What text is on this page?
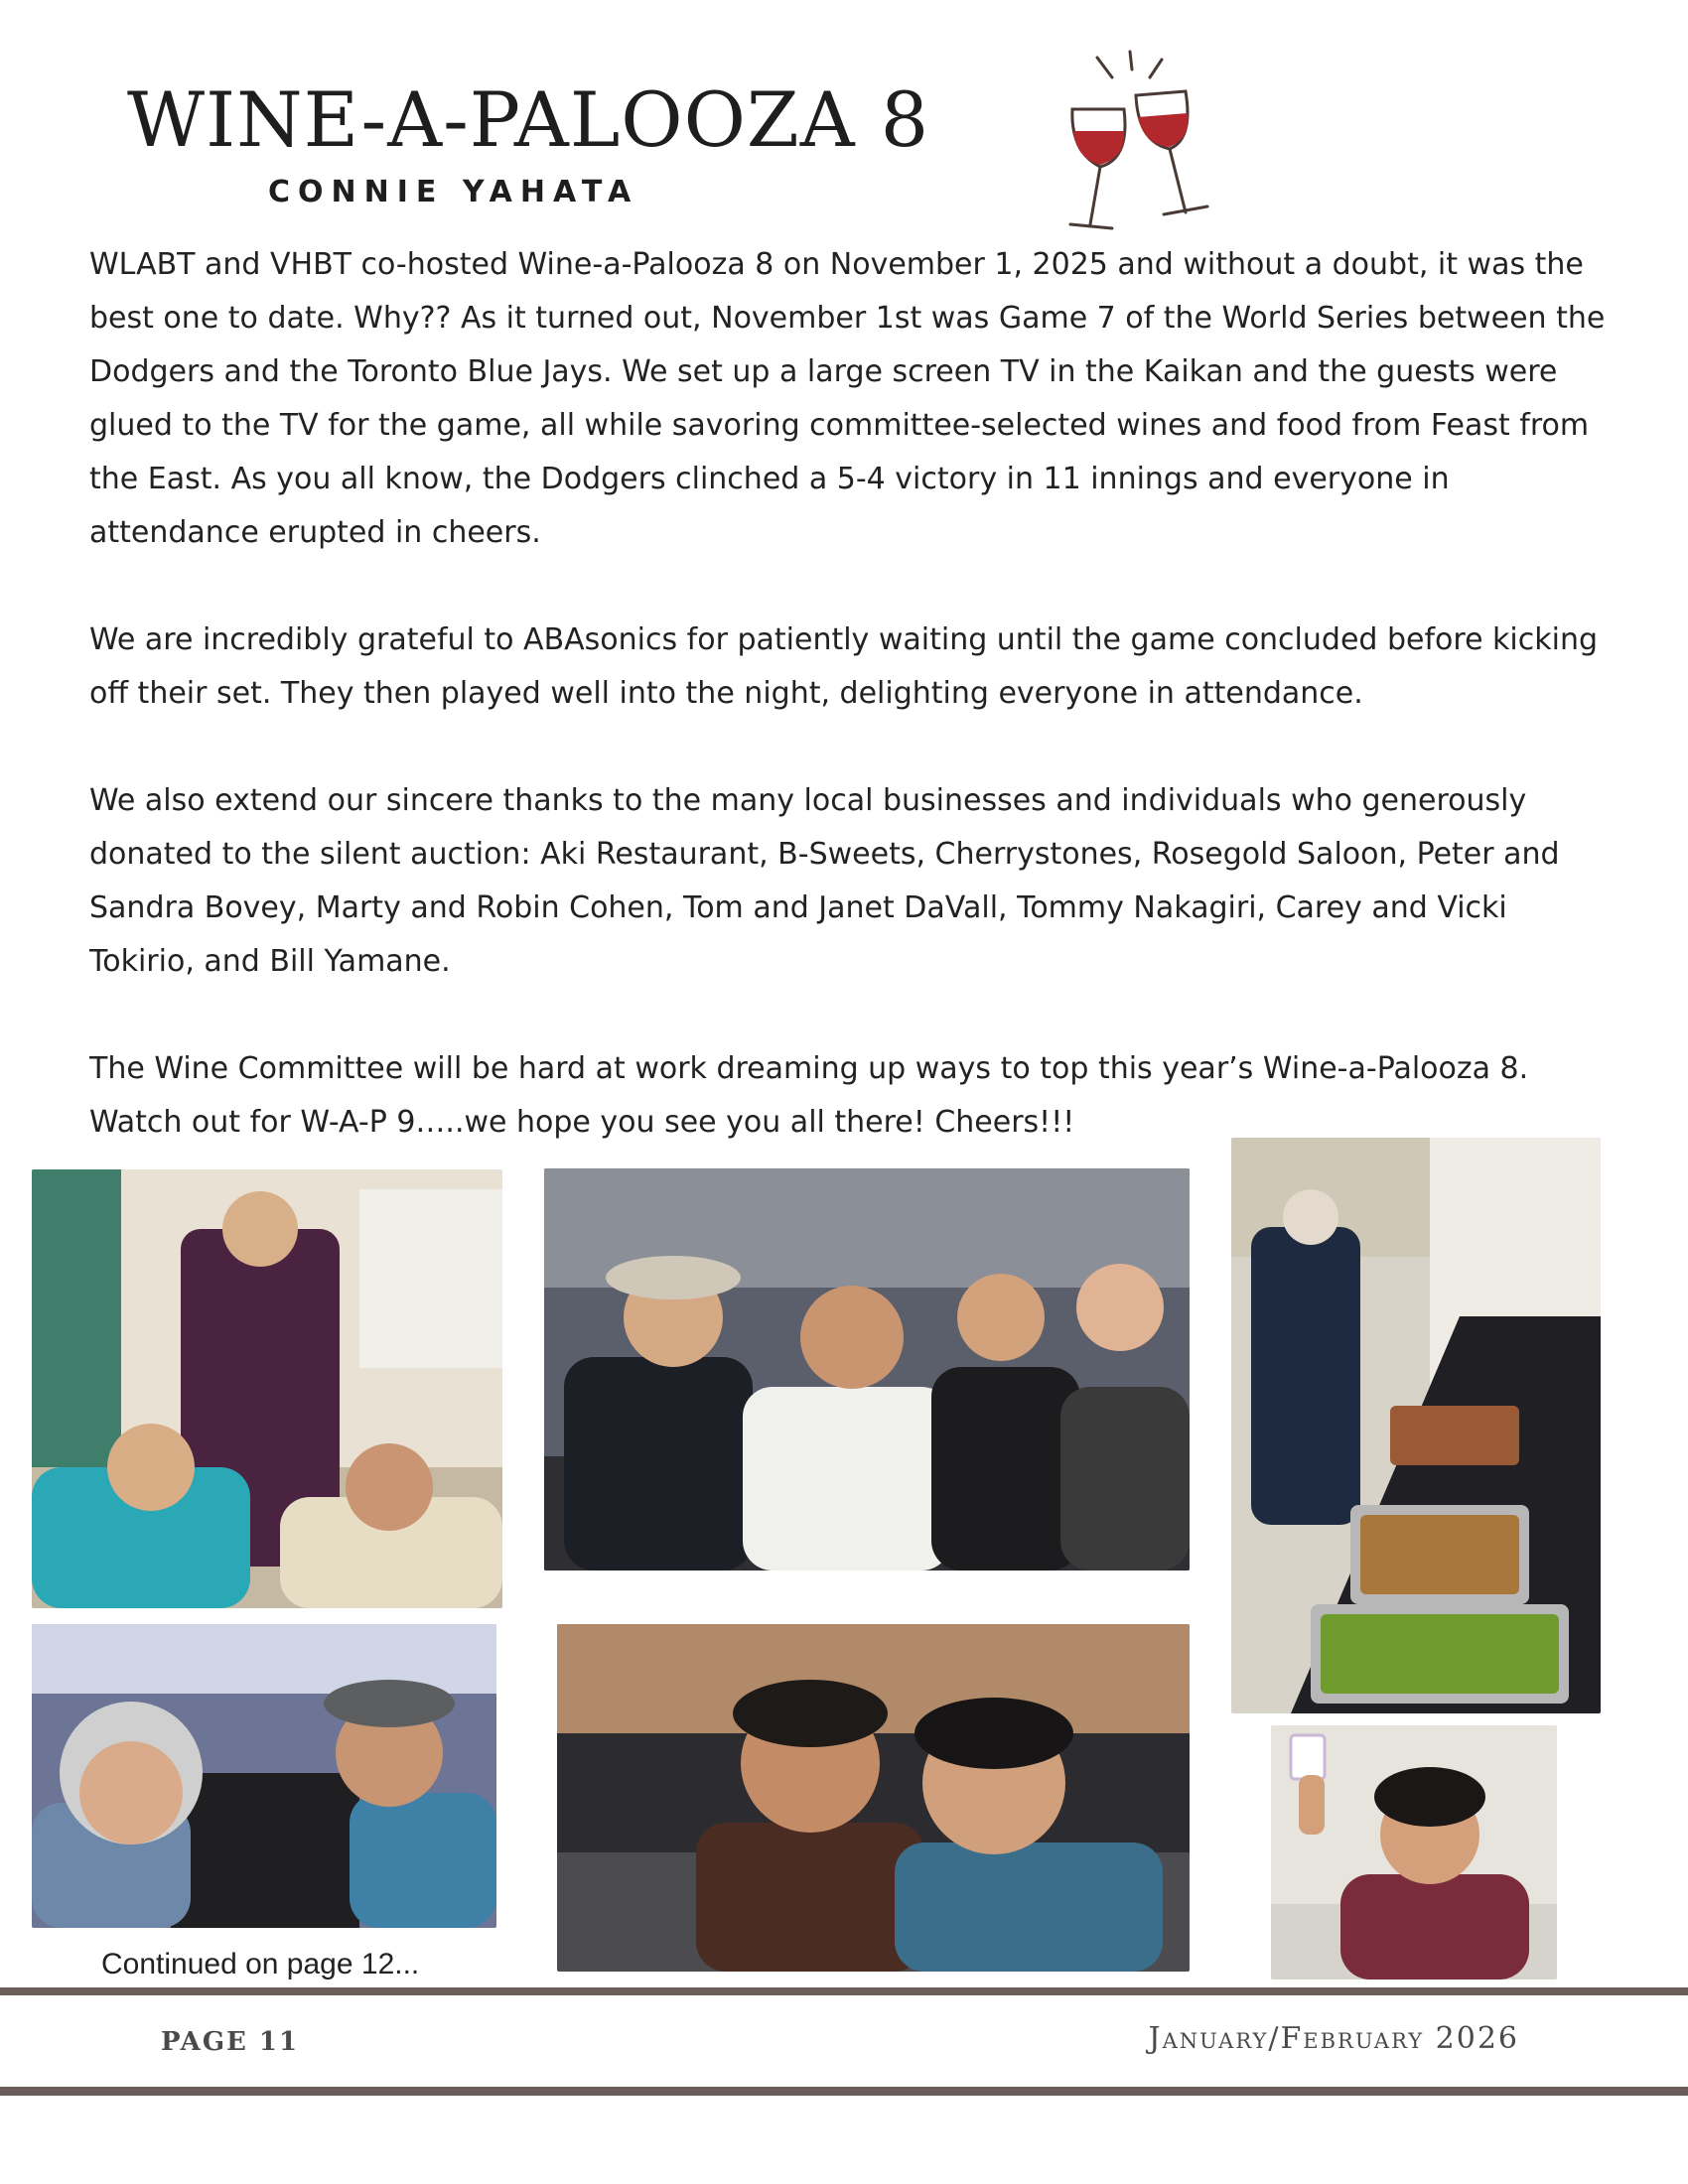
WINE-A-PALOOZA 8
CONNIE YAHATA

WLABT and VHBT co-hosted Wine-a-Palooza 8 on November 1, 2025 and without a doubt, it was the best one to date. Why?? As it turned out, November 1st was Game 7 of the World Series between the Dodgers and the Toronto Blue Jays. We set up a large screen TV in the Kaikan and the guests were glued to the TV for the game, all while savoring committee-selected wines and food from Feast from the East. As you all know, the Dodgers clinched a 5-4 victory in 11 innings and everyone in attendance erupted in cheers.

We are incredibly grateful to ABAsonics for patiently waiting until the game concluded before kicking off their set. They then played well into the night, delighting everyone in attendance.

We also extend our sincere thanks to the many local businesses and individuals who generously donated to the silent auction: Aki Restaurant, B-Sweets, Cherrystones, Rosegold Saloon, Peter and Sandra Bovey, Marty and Robin Cohen, Tom and Janet DaVall, Tommy Nakagiri, Carey and Vicki Tokirio, and Bill Yamane.

The Wine Committee will be hard at work dreaming up ways to top this year’s Wine-a-Palooza 8. Watch out for W-A-P 9…..we hope you see you all there! Cheers!!!

Continued on page 12...
PAGE 11	January/February 2026
